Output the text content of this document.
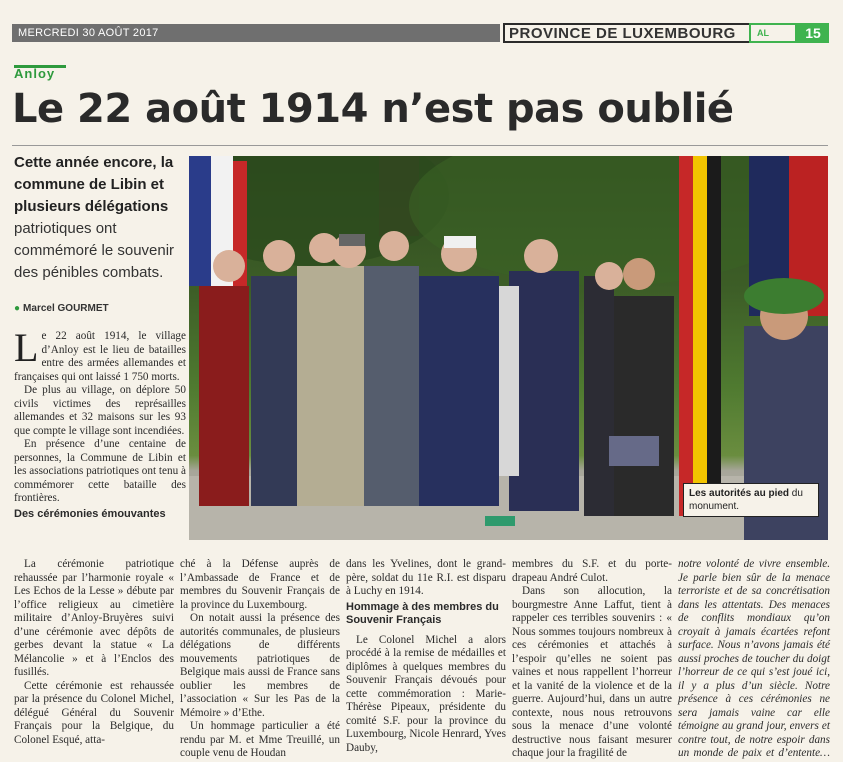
MERCREDI 30 AOÛT 2017	PROVINCE DE LUXEMBOURG	AL	15
Anloy
Le 22 août 1914 n’est pas oublié
Cette année encore, la commune de Libin et plusieurs délégations patriotiques ont commémoré le souvenir des pénibles combats.
● Marcel GOURMET

Le 22 août 1914, le village d’Anloy est le lieu de batailles entre des armées allemandes et françaises qui ont laissé 1 750 morts.

De plus au village, on déplore 50 civils victimes des représailles allemandes et 32 maisons sur les 93 que compte le village sont incendiées.

En présence d’une centaine de personnes, la Commune de Libin et les associations patriotiques ont tenu à commémorer cette bataille des frontières.

Des cérémonies émouvantes
Les autorités au pied du monument.

La cérémonie patriotique rehaussée par l’harmonie royale « Les Echos de la Lesse » débute par l’office religieux au cimetière militaire d’Anloy-Bruyères suivi d’une cérémonie avec dépôts de gerbes devant la statue « La Mélancolie » et à l’Enclos des fusillés.

Cette cérémonie est rehaussée par la présence du Colonel Michel, délégué Général du Souvenir Français pour la Belgique, du Colonel Esqué, atta-

ché à la Défense auprès de l’Ambassade de France et de membres du Souvenir Français de la province du Luxembourg.

On notait aussi la présence des autorités communales, de plusieurs délégations de différents mouvements patriotiques de Belgique mais aussi de France sans oublier les membres de l’association « Sur les Pas de la Mémoire » d’Ethe.

Un hommage particulier a été rendu par M. et Mme Treuillé, un couple venu de Houdan

dans les Yvelines, dont le grand-père, soldat du 11e R.I. est disparu à Luchy en 1914.

Hommage à des membres du Souvenir Français

Le Colonel Michel a alors procédé à la remise de médailles et diplômes à quelques membres du Souvenir Français dévoués pour cette commémoration : Marie-Thérèse Pipeaux, présidente du comité S.F. pour la province du Luxembourg, Nicole Henrard, Yves Dauby,

membres du S.F. et du porte-drapeau André Culot.

Dans son allocution, la bourgmestre Anne Laffut, tient à rappeler ces terribles souvenirs : « Nous sommes toujours nombreux à ces cérémonies et attachés à l’espoir qu’elles ne soient pas vaines et nous rappellent l’horreur et la vanité de la violence et de la guerre. Aujourd’hui, dans un autre contexte, nous nous retrouvons sous la menace d’une volonté destructive nous faisant mesurer chaque jour la fragilité de

notre volonté de vivre ensemble. Je parle bien sûr de la menace terroriste et de sa concrétisation dans les attentats. Des menaces de conflits mondiaux qu’on croyait à jamais écartées refont surface. Nous n’avons jamais été aussi proches de toucher du doigt l’horreur de ce qui s’est joué ici, il y a plus d’un siècle. Notre présence à ces cérémonies ne sera jamais vaine car elle témoigne au grand jour, envers et contre tout, de notre espoir dans un monde de paix et d’entente…
